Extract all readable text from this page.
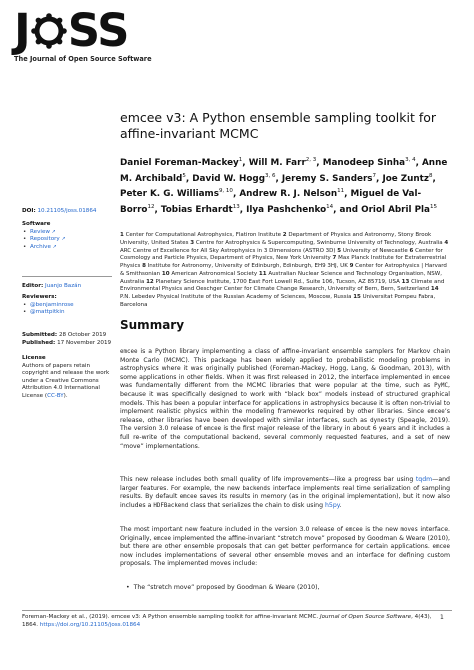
J SS
The Journal of Open Source Software
emcee v3: A Python ensemble sampling toolkit for affine-invariant MCMC
Daniel Foreman-Mackey$^1$, Will M. Farr$^{2, 3}$, Manodeep Sinha$^{3, 4}$, Anne M. Archibald$^5$, David W. Hogg$^{3, 6}$, Jeremy S. Sanders$^7$, Joe Zuntz$^8$, Peter K. G. Williams$^{9, 10}$, Andrew R. J. Nelson$^{11}$, Miguel de Val-Borro$^{12}$, Tobias Erhardt$^{13}$, Ilya Pashchenko$^{14}$, and Oriol Abril Pla$^{15}$
1 Center for Computational Astrophysics, Flatiron Institute 2 Department of Physics and Astronomy, Stony Brook University, United States 3 Centre for Astrophysics & Supercomputing, Swinburne University of Technology, Australia 4 ARC Centre of Excellence for All Sky Astrophysics in 3 Dimensions (ASTRO 3D) 5 University of Newcastle 6 Center for Cosmology and Particle Physics, Department of Physics, New York University 7 Max Planck Institute for Extraterrestrial Physics 8 Institute for Astronomy, University of Edinburgh, Edinburgh, EH9 3HJ, UK 9 Center for Astrophysics | Harvard & Smithsonian 10 American Astronomical Society 11 Australian Nuclear Science and Technology Organisation, NSW, Australia 12 Planetary Science Institute, 1700 East Fort Lowell Rd., Suite 106, Tucson, AZ 85719, USA 13 Climate and Environmental Physics and Oeschger Center for Climate Change Research, University of Bern, Bern, Switzerland 14 P.N. Lebedev Physical Institute of the Russian Academy of Sciences, Moscow, Russia 15 Universitat Pompeu Fabra, Barcelona
Summary
emcee is a Python library implementing a class of affine-invariant ensemble samplers for Markov chain Monte Carlo (MCMC). This package has been widely applied to probabilistic modeling problems in astrophysics where it was originally published (Foreman-Mackey, Hogg, Lang, & Goodman, 2013), with some applications in other fields. When it was first released in 2012, the interface implemented in emcee was fundamentally different from the MCMC libraries that were popular at the time, such as PyMC, because it was specifically designed to work with “black box” models instead of structured graphical models. This has been a popular interface for applications in astrophysics because it is often non-trivial to implement realistic physics within the modeling frameworks required by other libraries. Since emcee’s release, other libraries have been developed with similar interfaces, such as dynesty (Speagle, 2019). The version 3.0 release of emcee is the first major release of the library in about 6 years and it includes a full re-write of the computational backend, several commonly requested features, and a set of new “move” implementations.
This new release includes both small quality of life improvements—like a progress bar using tqdm—and larger features. For example, the new backends interface implements real time serialization of sampling results. By default emcee saves its results in memory (as in the original implementation), but it now also includes a HDFBackend class that serializes the chain to disk using h5py.
The most important new feature included in the version 3.0 release of emcee is the new moves interface. Originally, emcee implemented the affine-invariant “stretch move” proposed by Goodman & Weare (2010), but there are other ensemble proposals that can get better performance for certain applications. emcee now includes implementations of several other ensemble moves and an interface for defining custom proposals. The implemented moves include:
•  The “stretch move” proposed by Goodman & Weare (2010),
DOI: 10.21105/joss.01864
Software
• Review ↗
• Repository ↗
• Archive ↗
Editor: Juanjo Bazán
Reviewers:
• @benjaminrose
• @mattpitkin
Submitted: 28 October 2019
Published: 17 November 2019
License
Authors of papers retain copyright and release the work under a Creative Commons Attribution 4.0 International License (CC-BY).
Foreman-Mackey et al., (2019). emcee v3: A Python ensemble sampling toolkit for affine-invariant MCMC. Journal of Open Source Software, 4(43), 1864. https://doi.org/10.21105/joss.01864
1
